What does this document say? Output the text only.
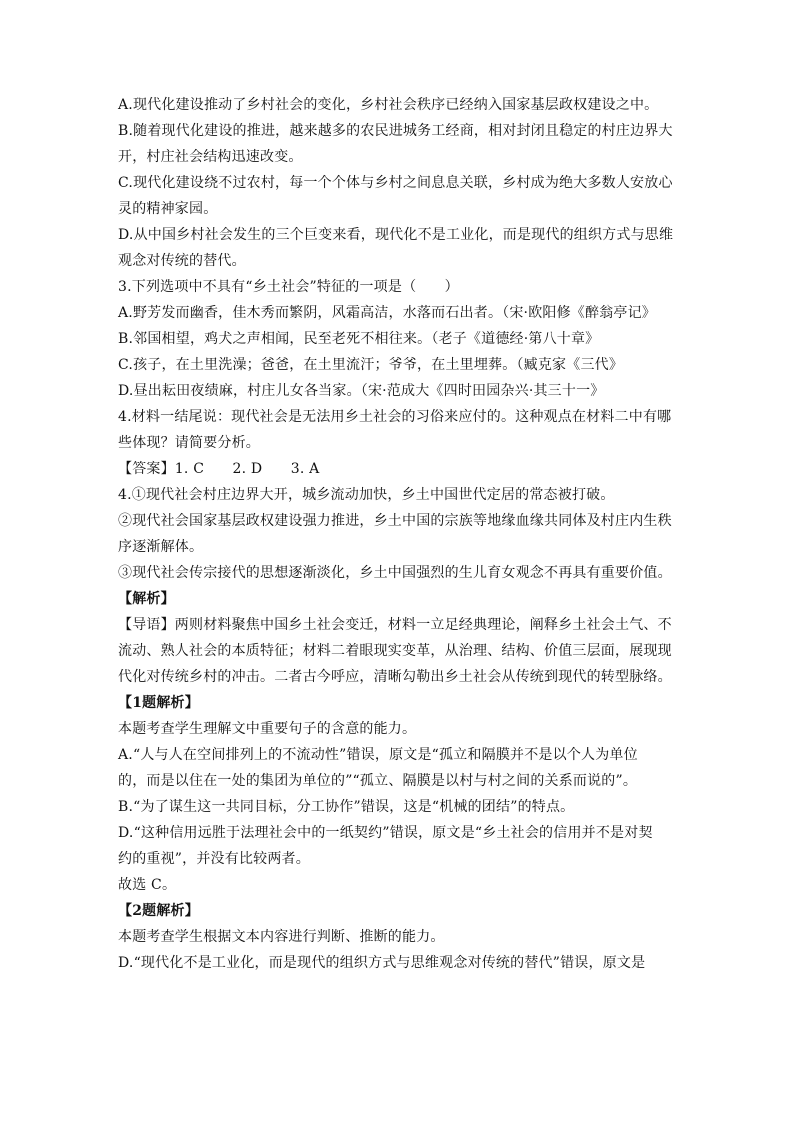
A.现代化建设推动了乡村社会的变化，乡村社会秩序已经纳入国家基层政权建设之中。
B.随着现代化建设的推进，越来越多的农民进城务工经商，相对封闭且稳定的村庄边界大
开，村庄社会结构迅速改变。
C.现代化建设绕不过农村，每一个个体与乡村之间息息关联，乡村成为绝大多数人安放心
灵的精神家园。
D.从中国乡村社会发生的三个巨变来看，现代化不是工业化，而是现代的组织方式与思维
观念对传统的替代。
3.下列选项中不具有“乡土社会”特征的一项是（　　）
A.野芳发而幽香，佳木秀而繁阴，风霜高洁，水落而石出者。（宋·欧阳修《醉翁亭记》
B.邻国相望，鸡犬之声相闻，民至老死不相往来。（老子《道德经·第八十章》
C.孩子，在土里洗澡；爸爸，在土里流汗；爷爷，在土里埋葬。（臧克家《三代》
D.昼出耘田夜绩麻，村庄儿女各当家。（宋·范成大《四时田园杂兴·其三十一》
4.材料一结尾说：现代社会是无法用乡土社会的习俗来应付的。这种观点在材料二中有哪
些体现？请简要分析。
【答案】1. C　　2. D　　3. A
4.①现代社会村庄边界大开，城乡流动加快，乡土中国世代定居的常态被打破。
②现代社会国家基层政权建设强力推进，乡土中国的宗族等地缘血缘共同体及村庄内生秩
序逐渐解体。
③现代社会传宗接代的思想逐渐淡化，乡土中国强烈的生儿育女观念不再具有重要价值。
【解析】
【导语】两则材料聚焦中国乡土社会变迁，材料一立足经典理论，阐释乡土社会土气、不
流动、熟人社会的本质特征；材料二着眼现实变革，从治理、结构、价值三层面，展现现
代化对传统乡村的冲击。二者古今呼应，清晰勾勒出乡土社会从传统到现代的转型脉络。
【1题解析】
本题考查学生理解文中重要句子的含意的能力。
A.“人与人在空间排列上的不流动性”错误，原文是“孤立和隔膜并不是以个人为单位
的，而是以住在一处的集团为单位的”“孤立、隔膜是以村与村之间的关系而说的”。
B.“为了谋生这一共同目标，分工协作”错误，这是“机械的团结”的特点。
D.“这种信用远胜于法理社会中的一纸契约”错误，原文是“乡土社会的信用并不是对契
约的重视”，并没有比较两者。
故选 C。
【2题解析】
本题考查学生根据文本内容进行判断、推断的能力。
D.“现代化不是工业化，而是现代的组织方式与思维观念对传统的替代”错误，原文是
